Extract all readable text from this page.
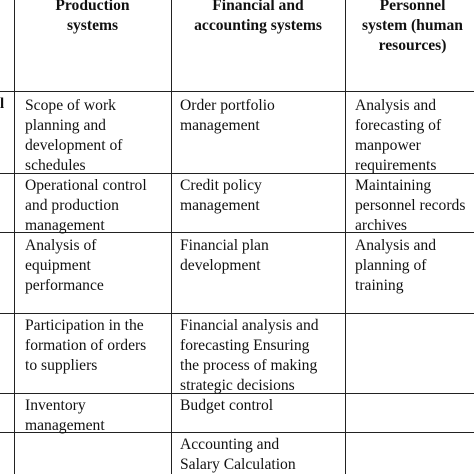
l
Production
systems
Financial and
accounting systems
Personnel
system (human
resources)
Scope of work
planning and
development of
schedules
Order portfolio
management
Analysis and
forecasting of
manpower
requirements
Operational control
and production
management
Credit policy
management
Maintaining
personnel records
archives
Analysis of
equipment
performance
Financial plan
development
Analysis and
planning of
training
Participation in the
formation of orders
to suppliers
Financial analysis and
forecasting Ensuring
the process of making
strategic decisions
Inventory
management
Budget control
Accounting and
Salary Calculation
